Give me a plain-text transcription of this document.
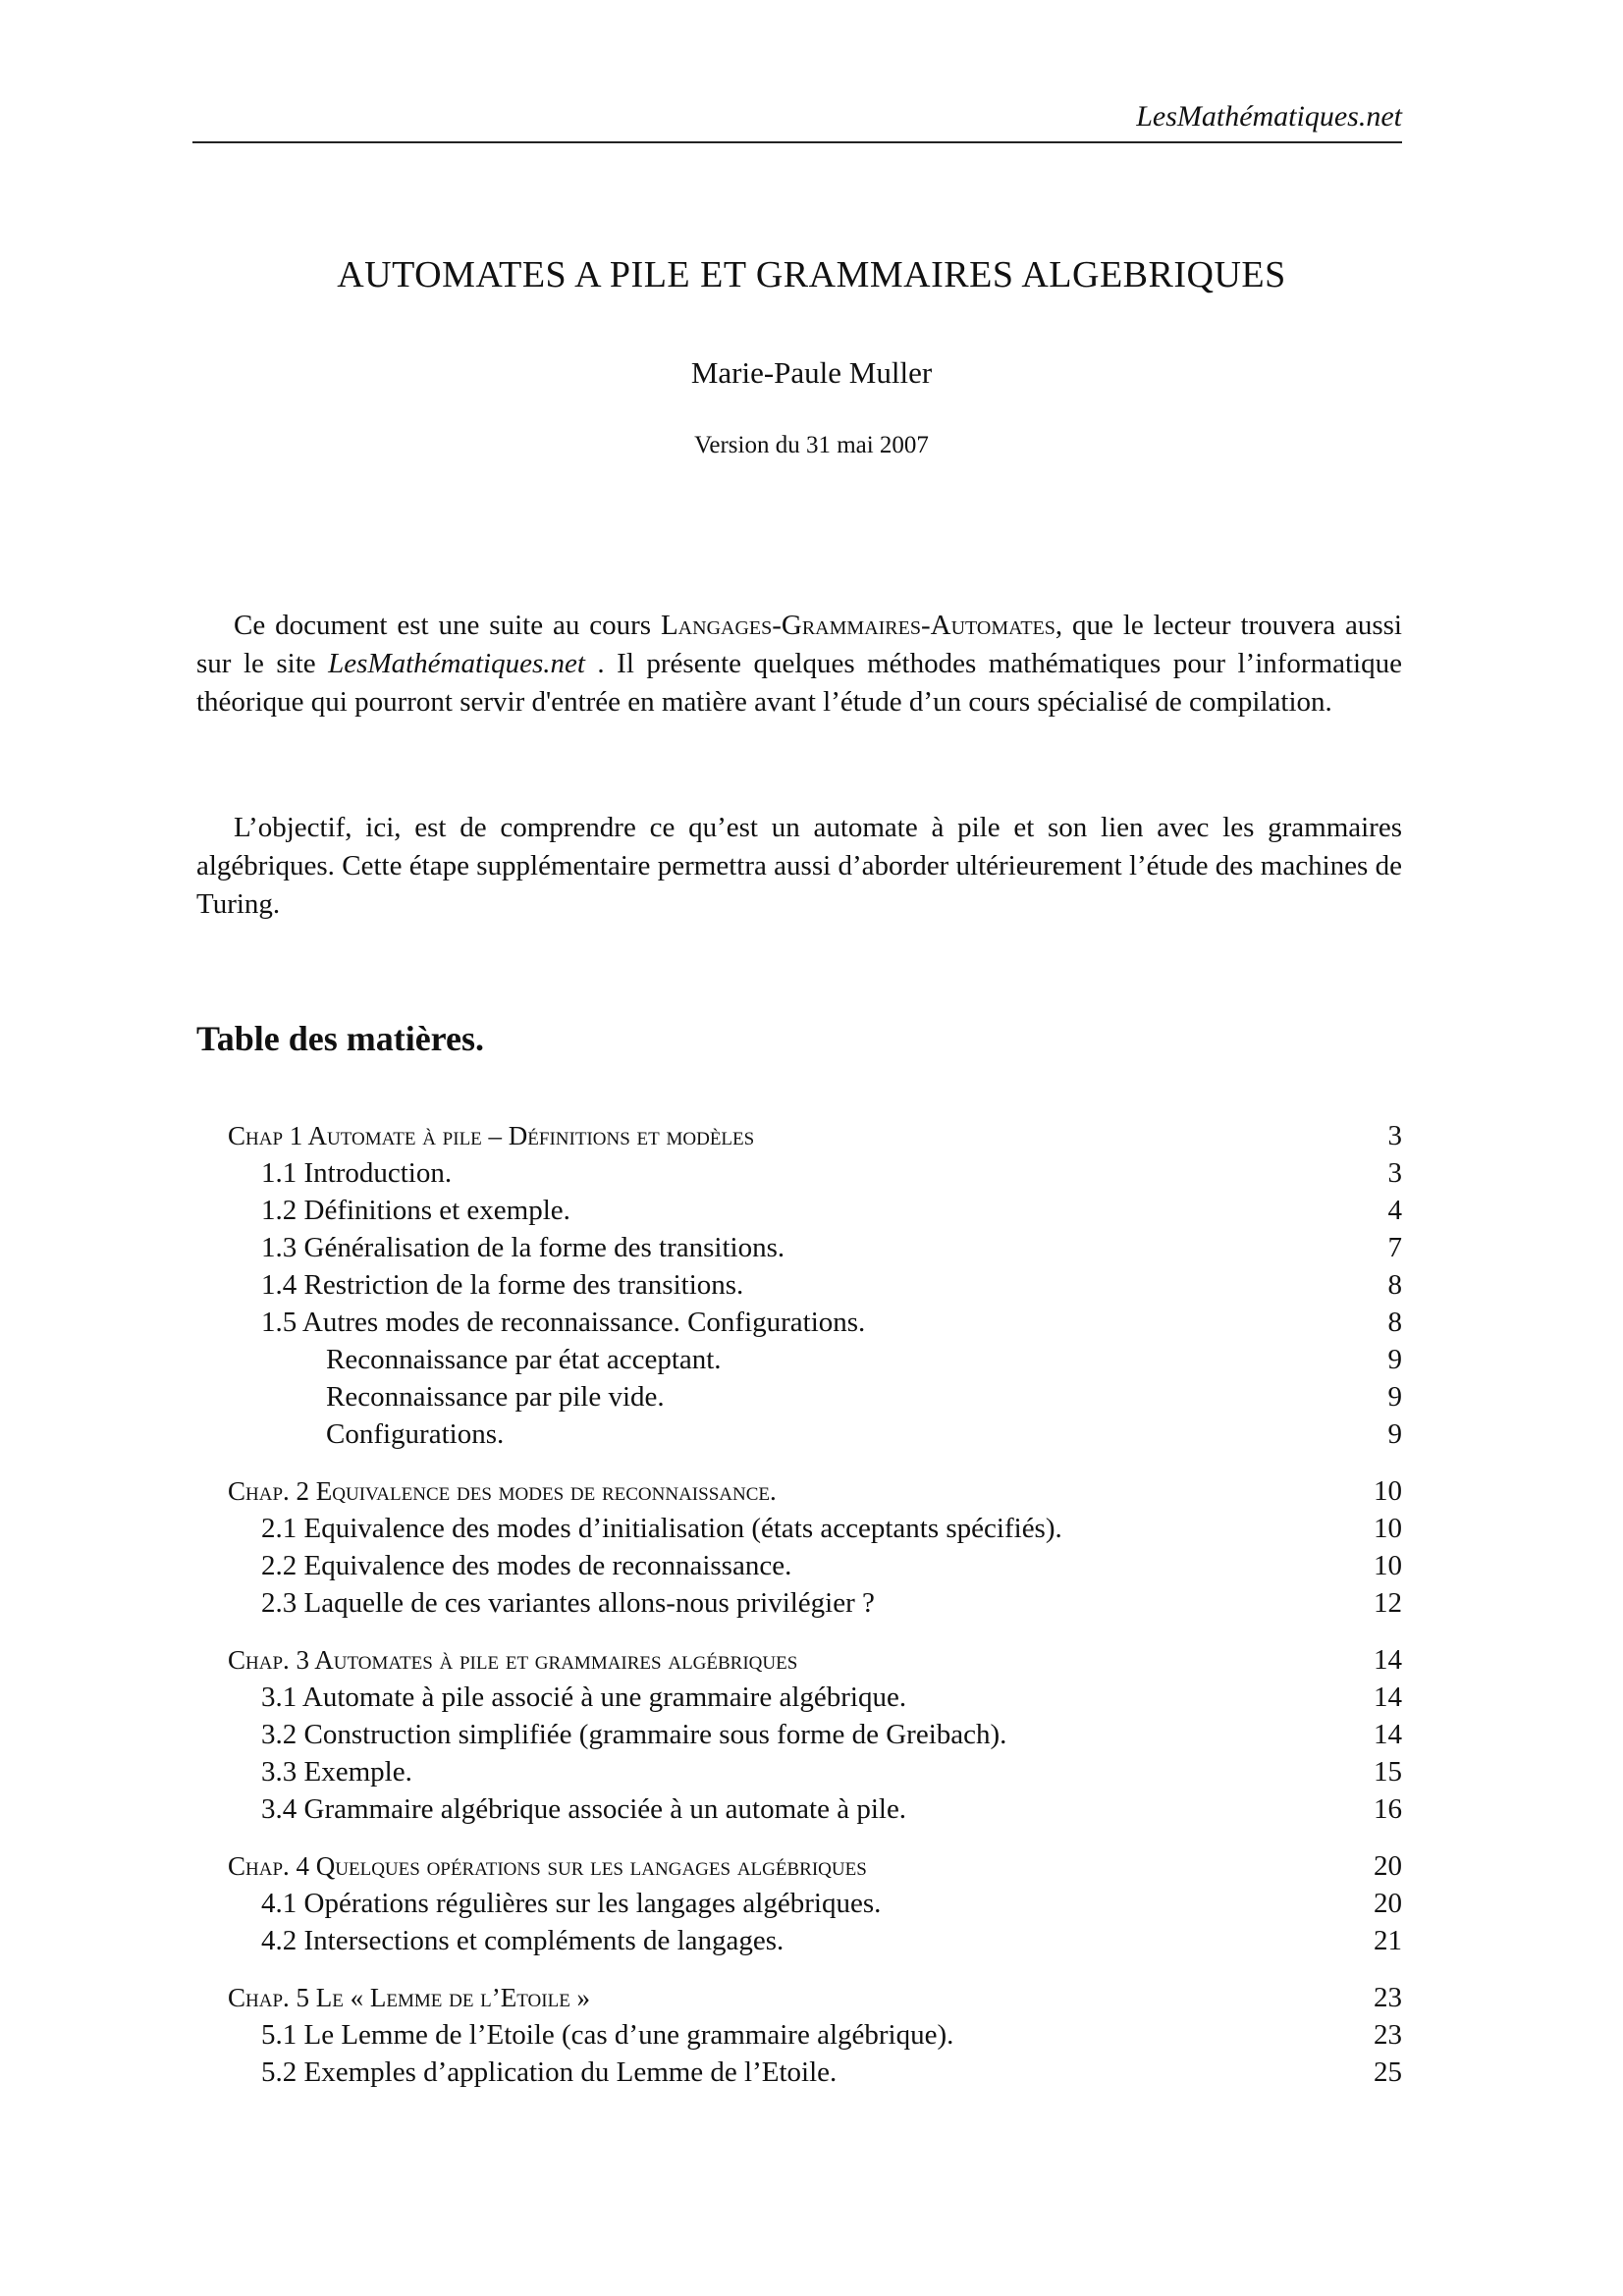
LesMathématiques.net
AUTOMATES A PILE ET GRAMMAIRES ALGEBRIQUES
Marie-Paule Muller
Version du 31 mai 2007
Ce document est une suite au cours Langages-Grammaires-Automates, que le lecteur trouvera aussi sur le site LesMathématiques.net . Il présente quelques méthodes mathématiques pour l’informatique théorique qui pourront servir d'entrée en matière avant l’étude d’un cours spécialisé de compilation.
L’objectif, ici, est de comprendre ce qu’est un automate à pile et son lien avec les grammaires algébriques. Cette étape supplémentaire permettra aussi d’aborder ultérieurement l’étude des machines de Turing.
Table des matières.
Chap 1 Automate à pile – Définitions et modèles	3
1.1 Introduction.	3
1.2 Définitions et exemple.	4
1.3 Généralisation de la forme des transitions.	7
1.4 Restriction de la forme des transitions.	8
1.5 Autres modes de reconnaissance. Configurations.	8
Reconnaissance par état acceptant.	9
Reconnaissance par pile vide.	9
Configurations.	9
Chap. 2 Equivalence des modes de reconnaissance.	10
2.1 Equivalence des modes d’initialisation (états acceptants spécifiés).	10
2.2 Equivalence des modes de reconnaissance.	10
2.3 Laquelle de ces variantes allons-nous privilégier ?	12
Chap. 3 Automates à pile et grammaires algébriques	14
3.1 Automate à pile associé à une grammaire algébrique.	14
3.2 Construction simplifiée (grammaire sous forme de Greibach).	14
3.3 Exemple.	15
3.4 Grammaire algébrique associée à un automate à pile.	16
Chap. 4 Quelques opérations sur les langages algébriques	20
4.1 Opérations régulières sur les langages algébriques.	20
4.2 Intersections et compléments de langages.	21
Chap. 5 Le « Lemme de l’Etoile »	23
5.1 Le Lemme de l’Etoile (cas d’une grammaire algébrique).	23
5.2 Exemples d’application du Lemme de l’Etoile.	25
